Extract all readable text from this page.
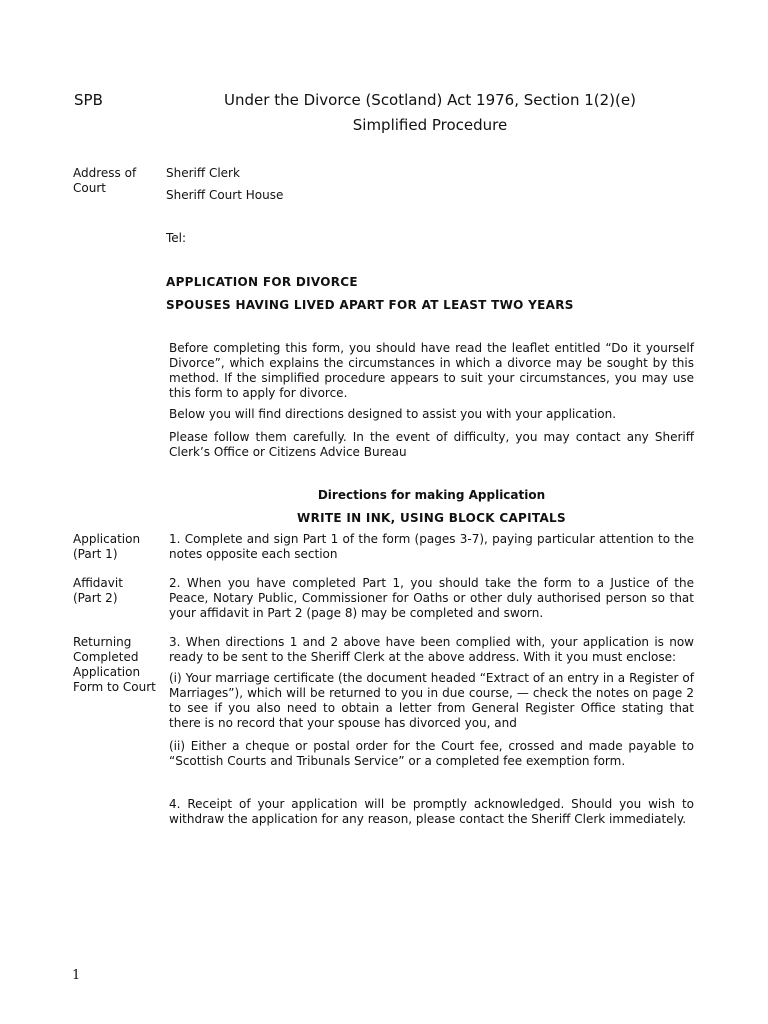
SPB	Under the Divorce (Scotland) Act 1976, Section 1(2)(e)
Simplified Procedure
Address of Court
Sheriff Clerk
Sheriff Court House
Tel:
APPLICATION FOR DIVORCE
SPOUSES HAVING LIVED APART FOR AT LEAST TWO YEARS
Before completing this form, you should have read the leaflet entitled “Do it yourself Divorce”, which explains the circumstances in which a divorce may be sought by this method. If the simplified procedure appears to suit your circumstances, you may use this form to apply for divorce.
Below you will find directions designed to assist you with your application.
Please follow them carefully. In the event of difficulty, you may contact any Sheriff Clerk’s Office or Citizens Advice Bureau
Directions for making Application
WRITE IN INK, USING BLOCK CAPITALS
Application (Part 1)
1. Complete and sign Part 1 of the form (pages 3-7), paying particular attention to the notes opposite each section
Affidavit (Part 2)
2. When you have completed Part 1, you should take the form to a Justice of the Peace, Notary Public, Commissioner for Oaths or other duly authorised person so that your affidavit in Part 2 (page 8) may be completed and sworn.
Returning Completed Application Form to Court
3. When directions 1 and 2 above have been complied with, your application is now ready to be sent to the Sheriff Clerk at the above address. With it you must enclose:
(i) Your marriage certificate (the document headed “Extract of an entry in a Register of Marriages”), which will be returned to you in due course, — check the notes on page 2 to see if you also need to obtain a letter from General Register Office stating that there is no record that your spouse has divorced you, and
(ii) Either a cheque or postal order for the Court fee, crossed and made payable to “Scottish Courts and Tribunals Service” or a completed fee exemption form.
4. Receipt of your application will be promptly acknowledged. Should you wish to withdraw the application for any reason, please contact the Sheriff Clerk immediately.
1
